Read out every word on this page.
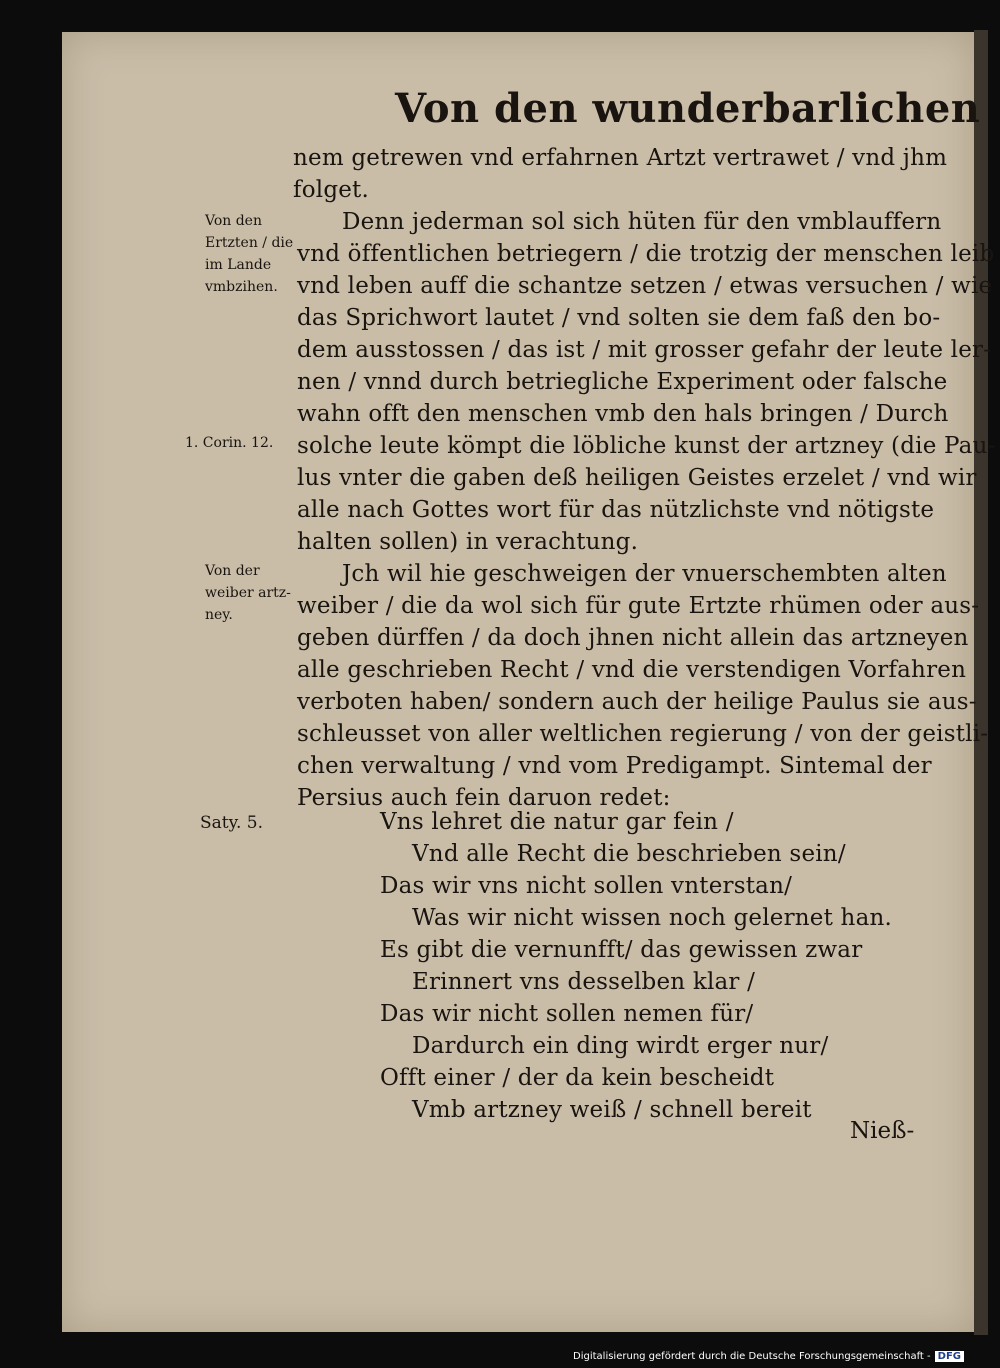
Von den wunderbarlichen
nem getrewen vnd erfahrnen Artzt vertrawet / vnd jhm
folget.
Denn jederman sol sich hüten für den vmblauffern
vnd öffentlichen betriegern / die trotzig der menschen leib
vnd leben auff die schantze setzen / etwas versuchen / wie
das Sprichwort lautet / vnd solten sie dem faß den bo-
dem ausstossen / das ist / mit grosser gefahr der leute ler-
nen / vnnd durch betriegliche Experiment oder falsche
wahn offt den menschen vmb den hals bringen / Durch
solche leute kömpt die löbliche kunst der artzney (die Pau-
lus vnter die gaben deß heiligen Geistes erzelet / vnd wir
alle nach Gottes wort für das nützlichste vnd nötigste
halten sollen) in verachtung.
Jch wil hie geschweigen der vnuerschembten alten
weiber / die da wol sich für gute Ertzte rhümen oder aus-
geben dürffen / da doch jhnen nicht allein das artzneyen
alle geschrieben Recht / vnd die verstendigen Vorfahren
verboten haben/ sondern auch der heilige Paulus sie aus-
schleusset von aller weltlichen regierung / von der geistli-
chen verwaltung / vnd vom Predigampt. Sintemal der
Persius auch fein daruon redet:
Vns lehret die natur gar fein /
Vnd alle Recht die beschrieben sein/
Das wir vns nicht sollen vnterstan/
Was wir nicht wissen noch gelernet han.
Es gibt die vernunfft/ das gewissen zwar
Erinnert vns desselben klar /
Das wir nicht sollen nemen für/
Dardurch ein ding wirdt erger nur/
Offt einer / der da kein bescheidt
Vmb artzney weiß / schnell bereit
Von den
Ertzten / die
im Lande
vmbzihen.
1. Corin. 12.
Von der
weiber artz-
ney.
Saty. 5.
Nieß-
Digitalisierung gefördert durch die Deutsche Forschungsgemeinschaft - DFG
